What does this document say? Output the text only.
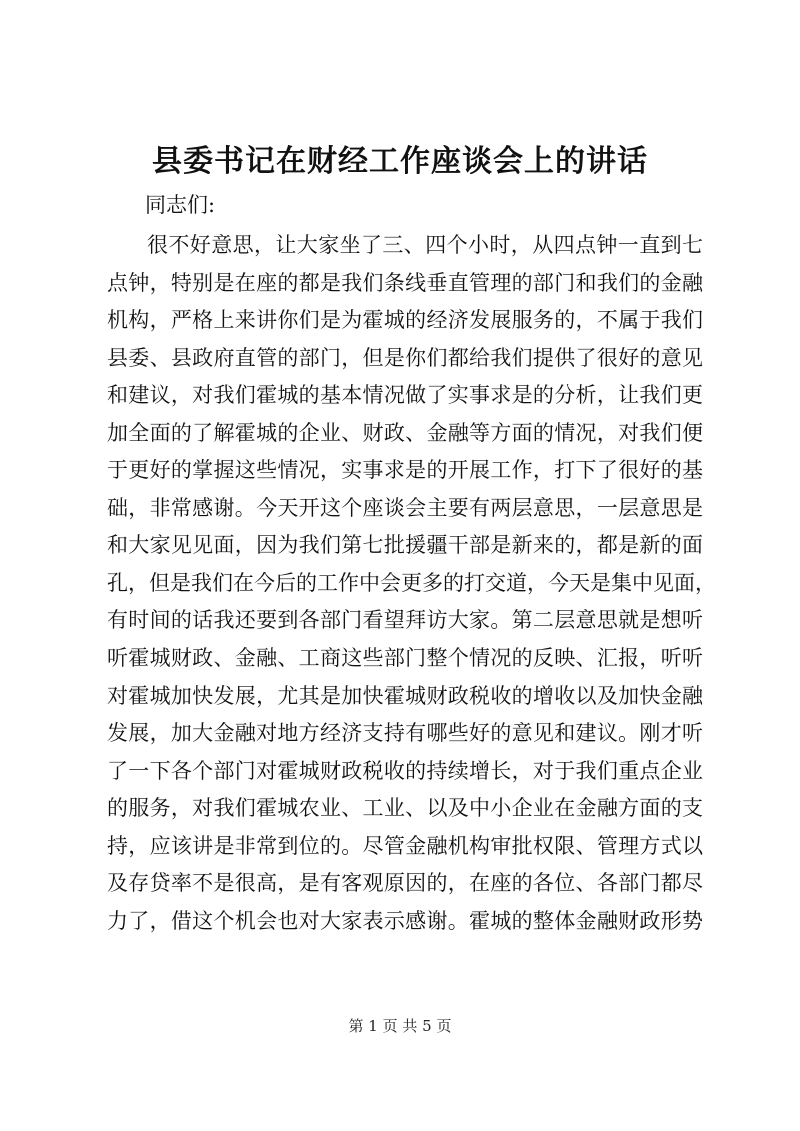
县委书记在财经工作座谈会上的讲话

同志们:

很不好意思，让大家坐了三、四个小时，从四点钟一直到七
点钟，特别是在座的都是我们条线垂直管理的部门和我们的金融
机构，严格上来讲你们是为霍城的经济发展服务的，不属于我们
县委、县政府直管的部门，但是你们都给我们提供了很好的意见
和建议，对我们霍城的基本情况做了实事求是的分析，让我们更
加全面的了解霍城的企业、财政、金融等方面的情况，对我们便
于更好的掌握这些情况，实事求是的开展工作，打下了很好的基
础，非常感谢。今天开这个座谈会主要有两层意思，一层意思是
和大家见见面，因为我们第七批援疆干部是新来的，都是新的面
孔，但是我们在今后的工作中会更多的打交道，今天是集中见面，
有时间的话我还要到各部门看望拜访大家。第二层意思就是想听
听霍城财政、金融、工商这些部门整个情况的反映、汇报，听听
对霍城加快发展，尤其是加快霍城财政税收的增收以及加快金融
发展，加大金融对地方经济支持有哪些好的意见和建议。刚才听
了一下各个部门对霍城财政税收的持续增长，对于我们重点企业
的服务，对我们霍城农业、工业、以及中小企业在金融方面的支
持，应该讲是非常到位的。尽管金融机构审批权限、管理方式以
及存贷率不是很高，是有客观原因的，在座的各位、各部门都尽
力了，借这个机会也对大家表示感谢。霍城的整体金融财政形势
第 1 页 共 5 页
